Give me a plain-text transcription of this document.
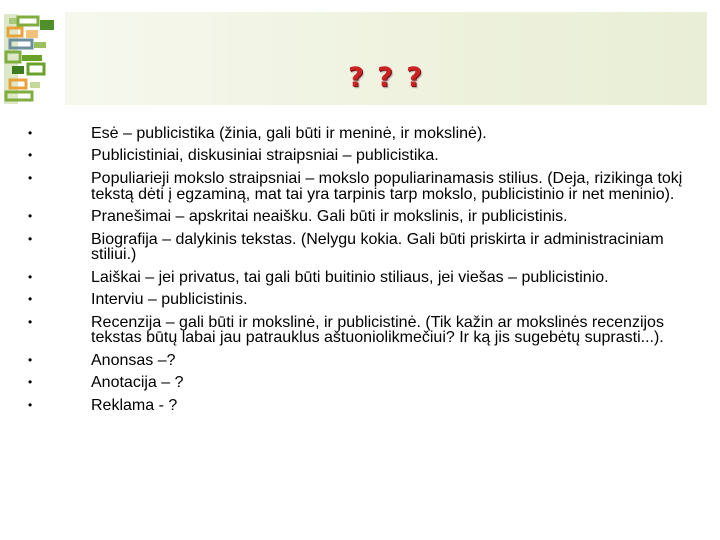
? ? ?
•	Esė – publicistika (žinia, gali būti ir meninė, ir mokslinė).
•	Publicistiniai, diskusiniai straipsniai – publicistika.
•	Populiarieji mokslo straipsniai – mokslo populiarinamasis stilius. (Deja, rizikinga tokį tekstą dėti į egzaminą, mat tai yra tarpinis tarp mokslo, publicistinio ir net meninio).
•	Pranešimai – apskritai neaišku. Gali būti ir mokslinis, ir publicistinis.
•	Biografija – dalykinis tekstas. (Nelygu kokia. Gali būti priskirta ir administraciniam stiliui.)
•	Laiškai – jei privatus, tai gali būti buitinio stiliaus, jei viešas – publicistinio.
•	Interviu – publicistinis.
•	Recenzija – gali būti ir mokslinė, ir publicistinė. (Tik kažin ar mokslinės recenzijos tekstas būtų labai jau patrauklus aštuoniolikmečiui? Ir ką jis sugebėtų suprasti...).
•	Anonsas –?
•	Anotacija – ?
•	Reklama - ?
